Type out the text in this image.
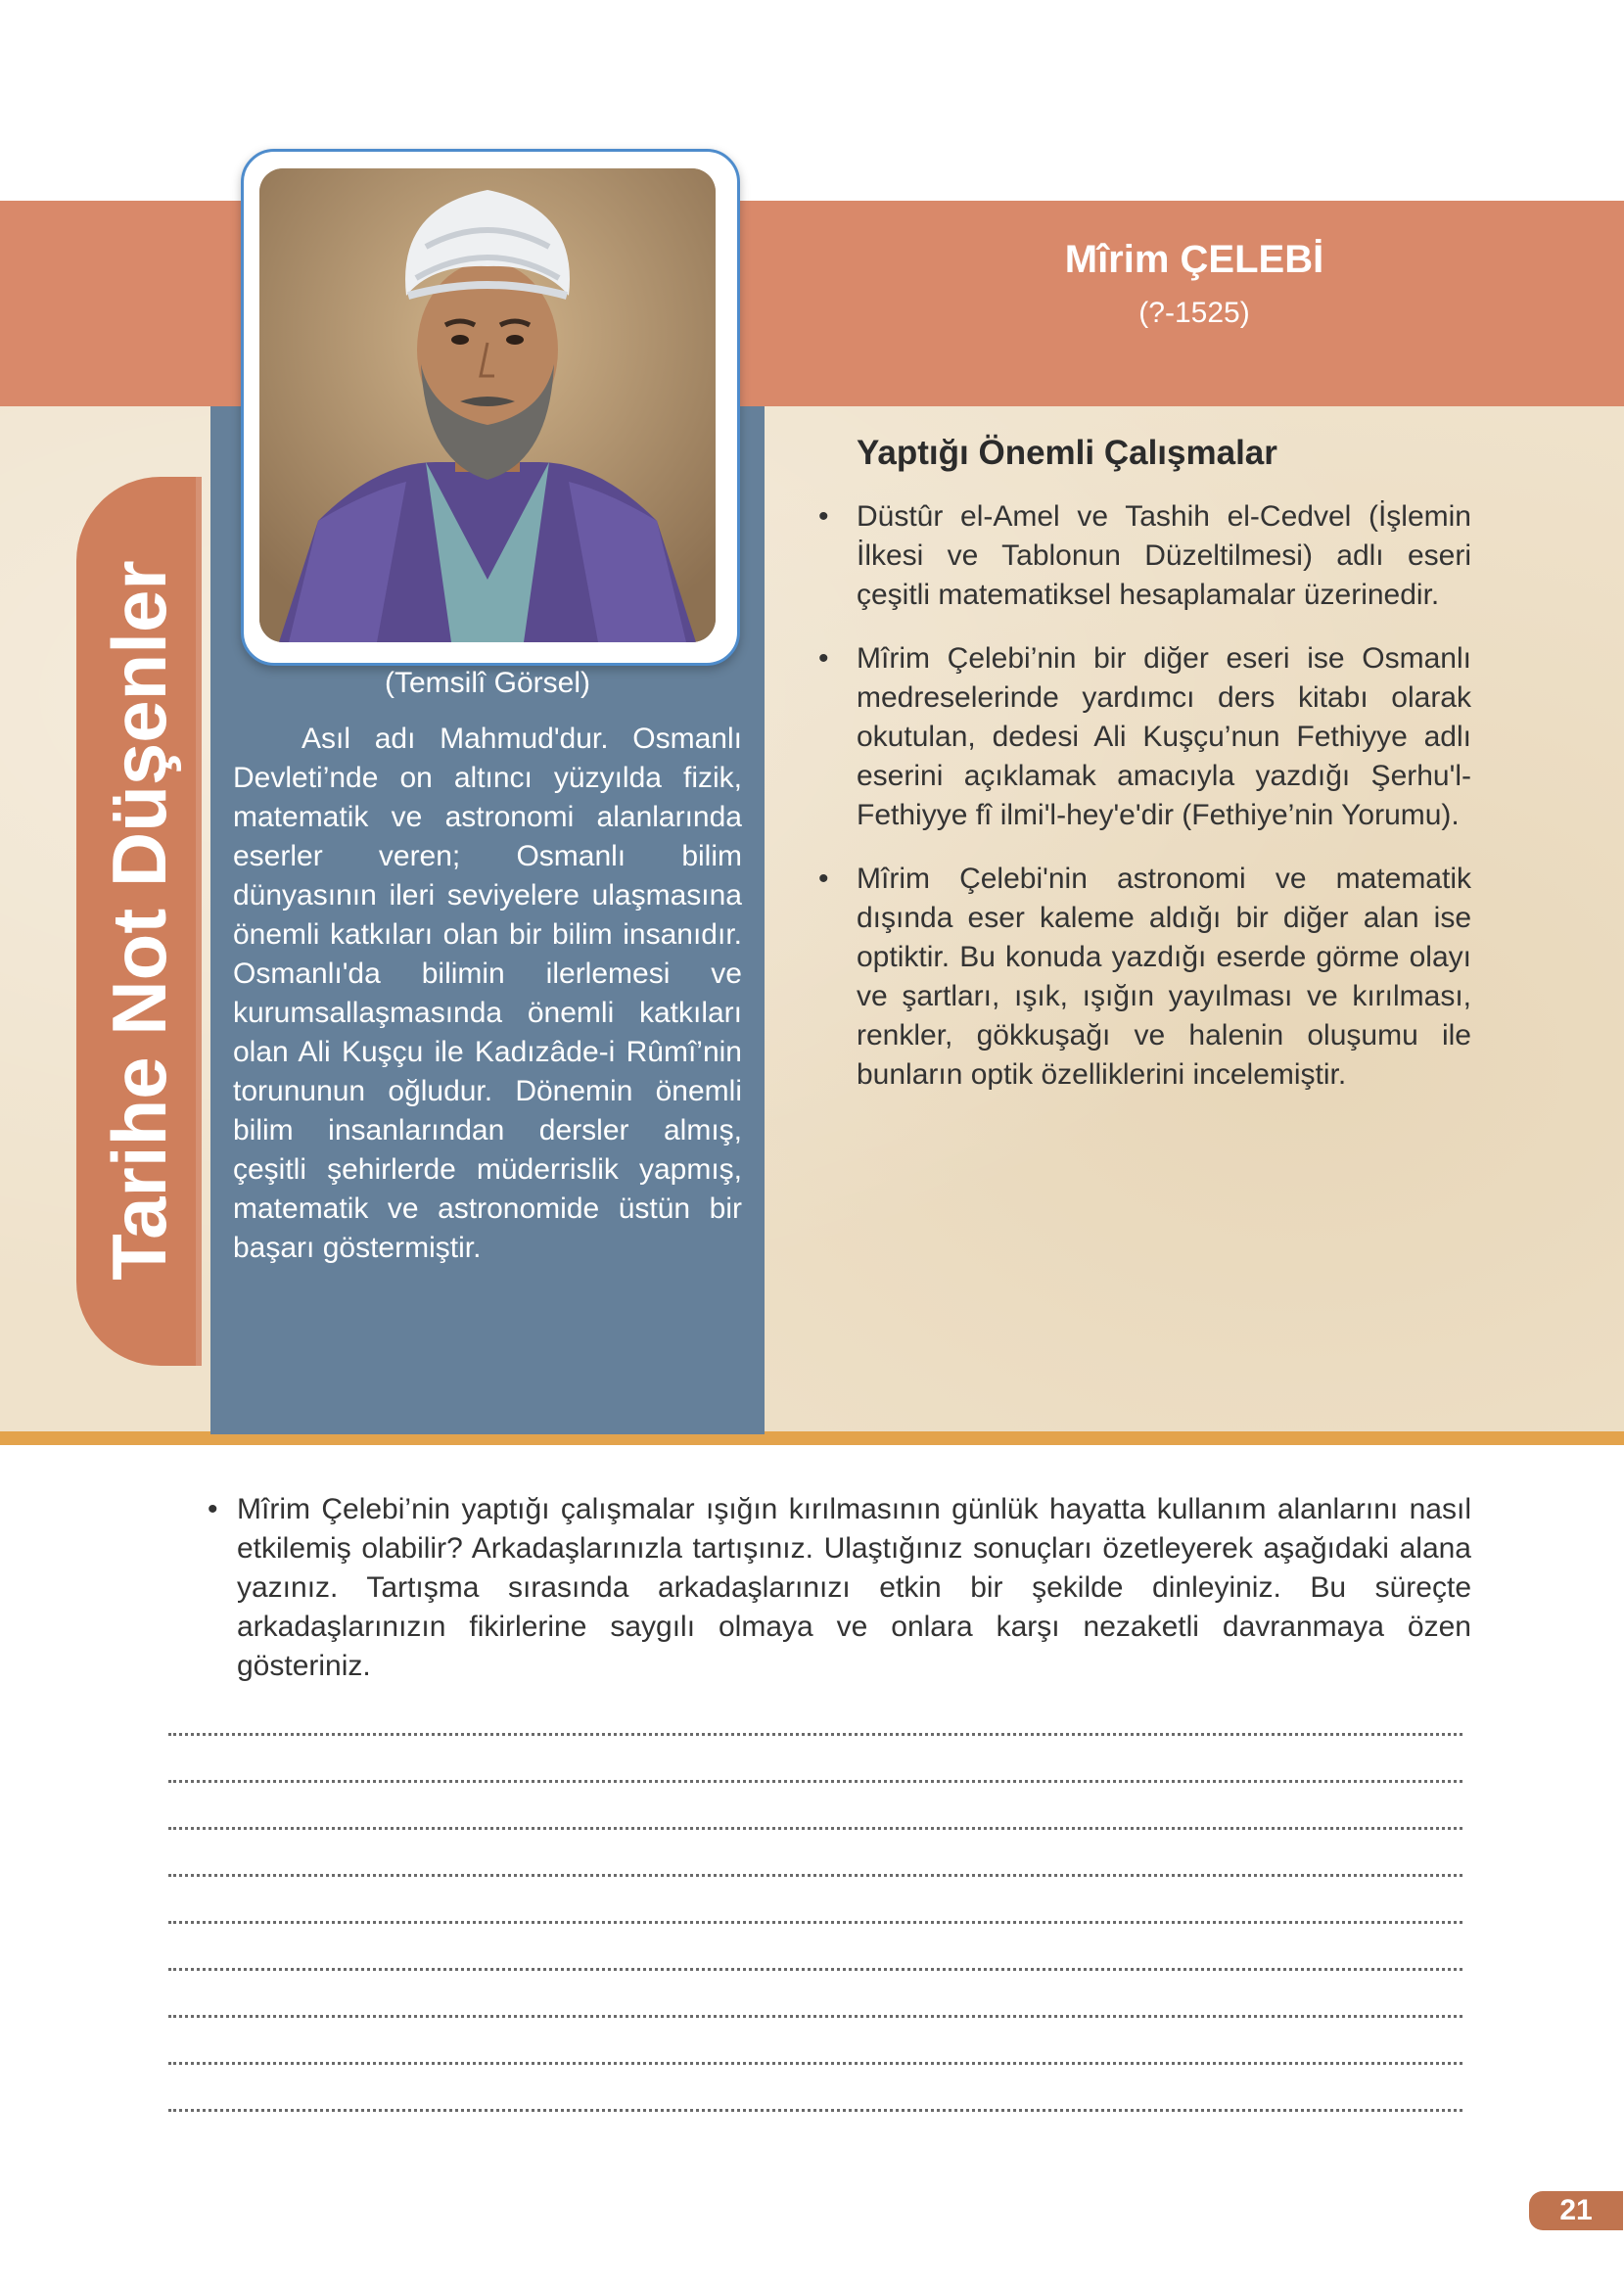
Tarihe Not Düşenler	(Temsilî Görsel)
Asıl adı Mahmud'dur. Osmanlı Devleti’nde on altıncı yüzyılda fizik, matematik ve astronomi alanlarında eserler veren; Osmanlı bilim dünyasının ileri seviyelere ulaşmasına önemli katkıları olan bir bilim insanıdır. Osmanlı'da bilimin ilerlemesi ve kurumsallaşmasında önemli katkıları olan Ali Kuşçu ile Kadızâde-i Rûmî’nin torununun oğludur. Dönemin önemli bilim insanlarından dersler almış, çeşitli şehirlerde müderrislik yapmış, matematik ve astronomide üstün bir başarı göstermiştir.
Mîrim ÇELEBİ
(?-1525)
Yaptığı Önemli Çalışmalar
• Düstûr el-Amel ve Tashih el-Cedvel (İşlemin İlkesi ve Tablonun Düzeltilmesi) adlı eseri çeşitli matematiksel hesaplamalar üzerinedir.
• Mîrim Çelebi’nin bir diğer eseri ise Osmanlı medreselerinde yardımcı ders kitabı olarak okutulan, dedesi Ali Kuşçu’nun Fethiyye adlı eserini açıklamak amacıyla yazdığı Şerhu'l-Fethiyye fî ilmi'l-hey'e'dir (Fethiye’nin Yorumu).
• Mîrim Çelebi'nin astronomi ve matematik dışında eser kaleme aldığı bir diğer alan ise optiktir. Bu konuda yazdığı eserde görme olayı ve şartları, ışık, ışığın yayılması ve kırılması, renkler, gökkuşağı ve halenin oluşumu ile bunların optik özelliklerini incelemiştir.
• Mîrim Çelebi’nin yaptığı çalışmalar ışığın kırılmasının günlük hayatta kullanım alanlarını nasıl etkilemiş olabilir? Arkadaşlarınızla tartışınız. Ulaştığınız sonuçları özetleyerek aşağıdaki alana yazınız. Tartışma sırasında arkadaşlarınızı etkin bir şekilde dinleyiniz. Bu süreçte arkadaşlarınızın fikirlerine saygılı olmaya ve onlara karşı nezaketli davranmaya özen gösteriniz.
21
